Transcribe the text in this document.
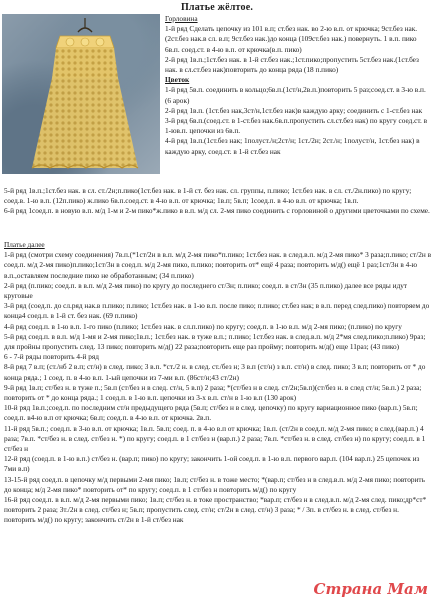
Платье жёлтое.

Горловина

1-й ряд Сделать цепочку из 101 в.п; ст.без нак. во 2-ю в.п. от крючка; 9ст.без нак.(2ст.без нак.в сл. в.п; 9ст.без нак.)до конца (109ст.без нак.) повернуть. 1 в.п. пико 6в.п. соед.ст. в 4-ю в.п. от крючка(в.п. пико)

2-й ряд 1в.п.;1ст.без нак. в 1-й ст.без нак.;1ст.пико;пропустить 5ст.без нак.(1ст.без нак. в сл.ст.без нак)повторить до конца ряда (18 п.пико)

Цветок

1-й ряд 5в.п. соединить в кольцо;6в.п.(1ст/н,2в.п.)повторить 5 раз;соед.ст. в 3-ю в.п. (6 арок)

2-й ряд 1в.п. (1ст.без нак,3ст/н,1ст.без нак)в каждую арку; соединить с 1-ст.без нак

3-й ряд 6в.п.(соед.ст. в 1-ст.без нак.6в.п.пропустить сл.ст.без нак) по кругу соед.ст. в 1-юв.п. цепочки из 6в.п.

4-й ряд 1в.п.(1ст.без нак; 1полуст./н;2ст/н; 1ст./2н; 2ст./н; 1полуст/н, 1ст.без нак) в каждую арку, соед.ст. в 1-й ст.без нак

5-й ряд 1в.п.;1ст.без нак. в сл. ст./2н;п.пико(1ст.без нак. в 1-й ст. без нак. сл. группы, п.пико; 1ст.без нак. в сл. ст./2н.пико) по кругу; соед.в. 1-ю в.п. (12п.пико) ж.пико 6в.п.соед.ст. в 4-ю в.п. от крючка; 1в.п; 5в.п; 1соед.п. в 4-ю в.п. от крючка; 1в.п.

6-й ряд 1соед.п. в новую в.п. м/д 1-м и 2-м пико*ж.пико в в.п. м/д сл. 2-мя пико соединить с горловиной о другими цветочками по схеме.

Платье далее

1-й ряд (смотри схему соединения) 7в.п.(*1ст/2н в в.п. м/д 2-мя пико*п.пико; 1ст.без нак. в след.в.п. м/д 2-мя пико* 3 раза;п.пико; ст/2н в соед.п. м/д 2-мя пико)п.пико;1ст/3н в соед.п. м/д 2-мя пико, п.пико; повторить от* ещё 4 раза; повторить м/д() ещё 1 раз;1ст/3н в 4-ю в.п.,оставляем последние пико не обработанным; (34 п.пико)

2-й ряд (п.пико; соед.п. в в.п. м/д 2-мя пико) по кругу до последнего ст/3н; п.пико; соед.п. в ст/3н (35 п.пико) далее все ряды идут круговые

3-й ряд (соед.п. до сл.ряд нак.в п.пико; п.пико; 1ст.без нак. в 1-ю в.п. после пико; п.пико; ст.без нак; в в.п. перед след.пико) повторяем до конца4 соед.п. в 1-й ст. без нак. (69 п.пико)

4-й ряд соед.п. в 1-ю в.п. 1-го пико (п.пико; 1ст.без нак. в сл.п.пико) по кругу; соед.п. в 1-ю в.п. м/д 2-мя пико; (п.пико) по кругу

5-й ряд соед.п. в в.п. м/д 1-мя и 2-мя пико;1в.п.; 1ст.без нак. в туже в.п.; п.пико; 1ст.без нак. в след.в.п. м/д 2*мя след.пико;п.пико) 9раз; для пройны пропустить след. 13 пико; повторить м/д() 22 раза;повторить еще раз пройму; повторить м/д() еще 11раз; (43 пико)

6 - 7-й ряды повторить 4-й ряд

8-й ряд 7 в.п; (ст./нб 2 в.п; ст/н) в след. пико; 3 в.п. *ст./2 н. в след. ст./без н; 3 в.п (ст/н) з в.п. ст/н) в след. пико; 3 в.п; повторить от * до конца ряда.; 1 соед. п. в 4-ю в.п. 1-ый цепочки из 7-ми в.п. (86ст/н;43 ст/2н)

9-й ряд 1в.п; ст/без н. в туже п.; 5в.п (ст/без н в след. ст/н, 5 в.п) 2 раза; *(ст/без н в след. ст/2н;5в.п)(ст/без н. в след ст/н; 5в.п.) 2 раза; повторить от * до конца ряда.; 1 соед.п. в 1-ю в.п. цепочки из 3-х в.п. ст/н в 1-ю в.п (130 арок)

10-й ряд 1в.п.;соед.п. по последним ст/н предыдущего ряда (5в.п; ст/без н в след. цепочку) по кругу вариационное пико (вар.п.) 5в.п; соед.п. в4-ю в.п от крючка; 6в.п; соед.п. в 4-ю в.п. от крючка. 2в.п.

11-й ряд 5в.п.; соед.п. в 3-ю в.п. от крючка; 1в.п. 5в.п; соед. п. в 4-ю в.п от крючка; 1в.п. (ст/2н в соед.п. м/д 2-мя пико; в след.(вар.п.) 4 раза; 7в.п. *ст/без н. в след. ст/без н. *) по кругу; соед.п. в 1 ст/без н (вар.п.) 2 раза; 7в.п. *ст/без н. в след. ст/без н) по кругу; соед.п. в 1 ст/без н

12-й ряд (соед.п. в 1-ю в.п.) ст/без н. (вар.п; пико) по кругу; закончить 1-ой соед.п. в 1-ю в.п. первого вар.п. (104 вар.п.) 25 цепочек из 7ми в.п)

13-15-й ряд соед.п. в цепочку м/д первыми 2-мя пико; 1в.п; ст/без н. в тоже место; *(вар.п; ст/без н в след.в.п. м/д 2-мя пико; повторить до конца; м/д 2-мя пико* повторить от* по кругу; соед.п. в 1 ст/без н повторить м/д() по кругу

16-й ряд соед.п. в в.п. м/д 2-мя первыми пико; 1в.п; ст/без н. в токе пространство; *вар.п; ст/без н в след.в.п. м/д 2-мя след. пико;др*ст* повторить 2 раза; 3т./2н в след. ст/без н; 5в.п; пропустить след. ст/н; ст/2н в след. ст/н) 3 раза; * / 3п. в ст/без н. в след. ст/без н. повторить м/д() по кругу; закончить ст/2н в 1-й ст/без нак

Страна Мам
